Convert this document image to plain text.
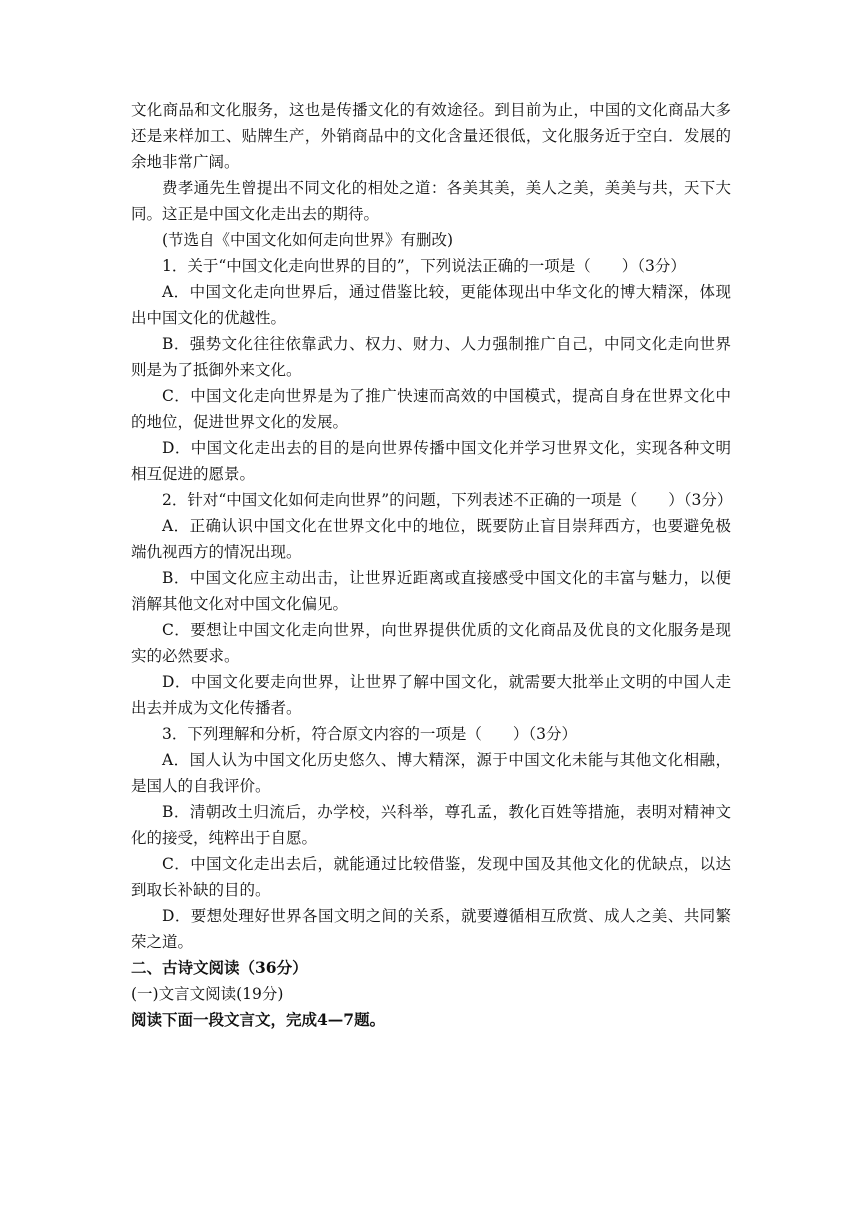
文化商品和文化服务，这也是传播文化的有效途径。到目前为止，中国的文化商品大多还是来样加工、贴牌生产，外销商品中的文化含量还很低，文化服务近于空白．发展的余地非常广阔。

费孝通先生曾提出不同文化的相处之道：各美其美，美人之美，美美与共，天下大同。这正是中国文化走出去的期待。

(节选自《中国文化如何走向世界》有删改)

1．关于“中国文化走向世界的目的”，下列说法正确的一项是（　　）（3分）

A．中国文化走向世界后，通过借鉴比较，更能体现出中华文化的博大精深，体现出中国文化的优越性。

B．强势文化往往依靠武力、权力、财力、人力强制推广自己，中同文化走向世界则是为了抵御外来文化。

C．中国文化走向世界是为了推广快速而高效的中国模式，提高自身在世界文化中的地位，促进世界文化的发展。

D．中国文化走出去的目的是向世界传播中国文化并学习世界文化，实现各种文明相互促进的愿景。

2．针对“中国文化如何走向世界”的问题，下列表述不正确的一项是（　　）（3分）

A．正确认识中国文化在世界文化中的地位，既要防止盲目崇拜西方，也要避免极端仇视西方的情况出现。

B．中国文化应主动出击，让世界近距离或直接感受中国文化的丰富与魅力，以便消解其他文化对中国文化偏见。

C．要想让中国文化走向世界，向世界提供优质的文化商品及优良的文化服务是现实的必然要求。

D．中国文化要走向世界，让世界了解中国文化，就需要大批举止文明的中国人走出去并成为文化传播者。

3．下列理解和分析，符合原文内容的一项是（　　）（3分）

A．国人认为中国文化历史悠久、博大精深，源于中国文化未能与其他文化相融，是国人的自我评价。

B．清朝改土归流后，办学校，兴科举，尊孔孟，教化百姓等措施，表明对精神文化的接受，纯粹出于自愿。

C．中国文化走出去后，就能通过比较借鉴，发现中国及其他文化的优缺点，以达到取长补缺的目的。

D．要想处理好世界各国文明之间的关系，就要遵循相互欣赏、成人之美、共同繁荣之道。

二、古诗文阅读（36分）

(一)文言文阅读(19分)

阅读下面一段文言文，完成4—7题。
